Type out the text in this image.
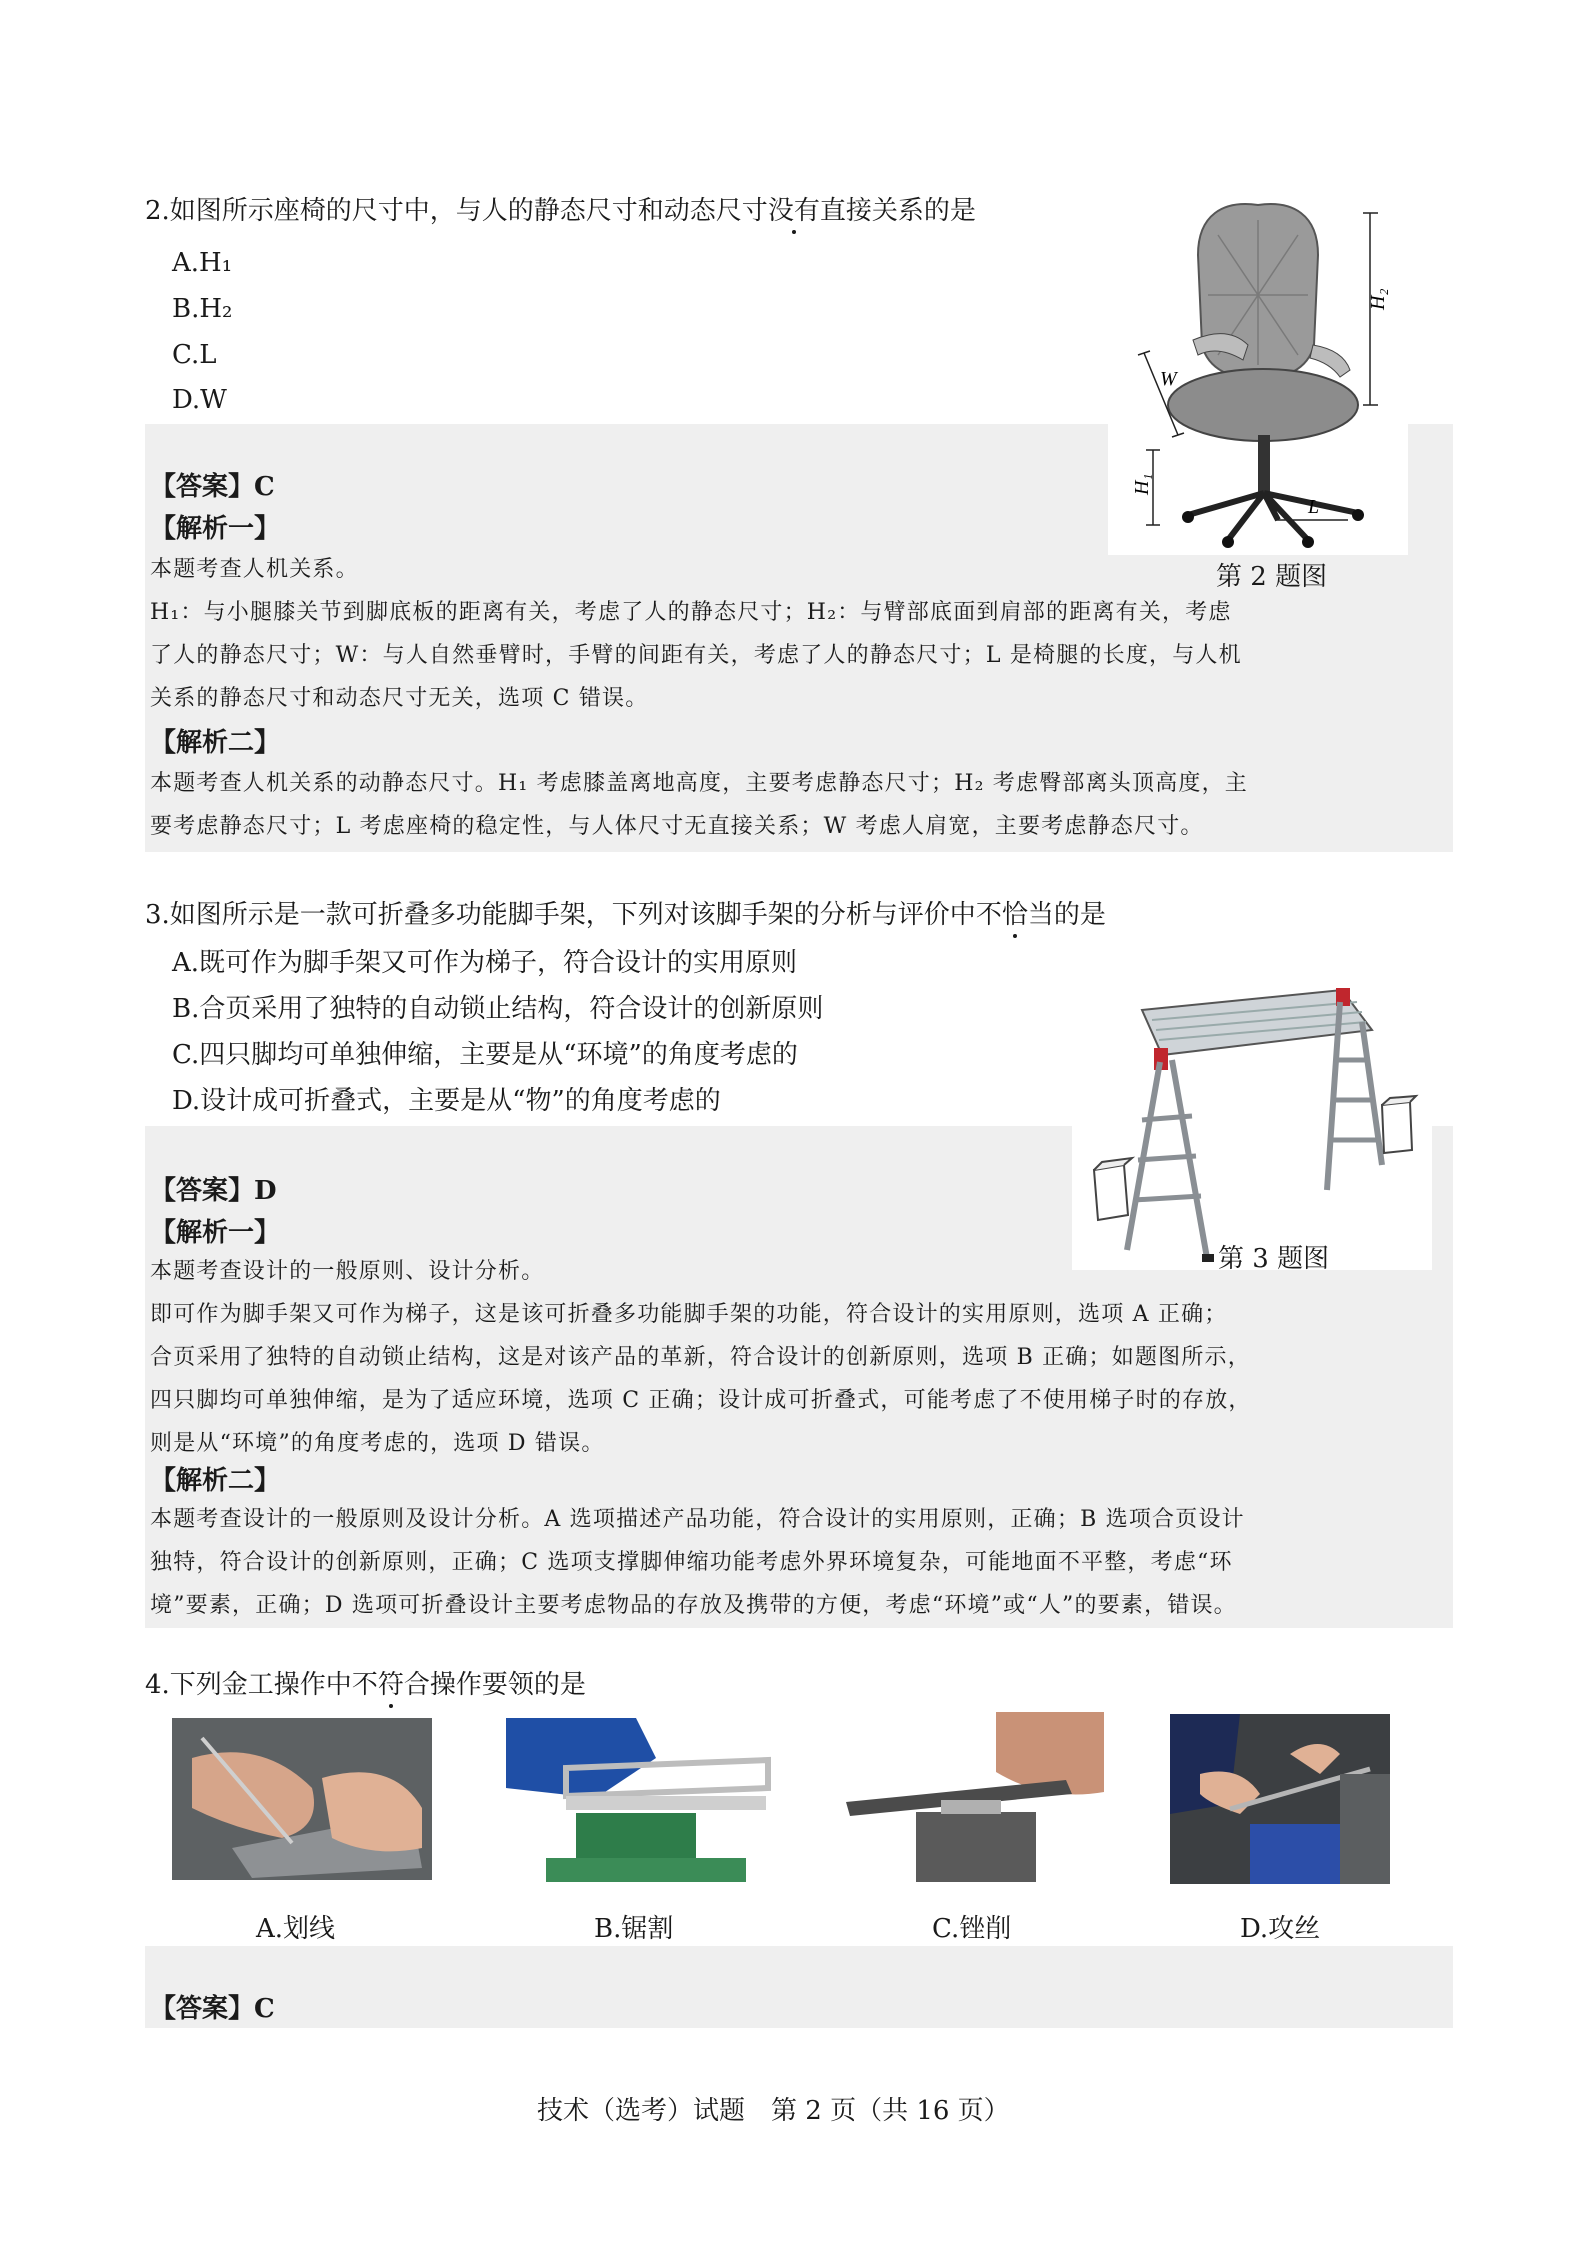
2.如图所示座椅的尺寸中，与人的静态尺寸和动态尺寸没有直接关系的是
A.H₁
B.H₂
C.L
D.W
H₂
W
H₁
L
第 2 题图
【答案】C
【解析一】
本题考查人机关系。
H₁：与小腿膝关节到脚底板的距离有关，考虑了人的静态尺寸；H₂：与臂部底面到肩部的距离有关，考虑
了人的静态尺寸；W：与人自然垂臂时，手臂的间距有关，考虑了人的静态尺寸；L 是椅腿的长度，与人机
关系的静态尺寸和动态尺寸无关，选项 C 错误。
【解析二】
本题考查人机关系的动静态尺寸。H₁ 考虑膝盖离地高度，主要考虑静态尺寸；H₂ 考虑臀部离头顶高度，主
要考虑静态尺寸；L 考虑座椅的稳定性，与人体尺寸无直接关系；W 考虑人肩宽，主要考虑静态尺寸。
3.如图所示是一款可折叠多功能脚手架，下列对该脚手架的分析与评价中不恰当的是
A.既可作为脚手架又可作为梯子，符合设计的实用原则
B.合页采用了独特的自动锁止结构，符合设计的创新原则
C.四只脚均可单独伸缩，主要是从“环境”的角度考虑的
D.设计成可折叠式，主要是从“物”的角度考虑的
第 3 题图
【答案】D
【解析一】
本题考查设计的一般原则、设计分析。
即可作为脚手架又可作为梯子，这是该可折叠多功能脚手架的功能，符合设计的实用原则，选项 A 正确；
合页采用了独特的自动锁止结构，这是对该产品的革新，符合设计的创新原则，选项 B 正确；如题图所示，
四只脚均可单独伸缩，是为了适应环境，选项 C 正确；设计成可折叠式，可能考虑了不使用梯子时的存放，
则是从“环境”的角度考虑的，选项 D 错误。
【解析二】
本题考查设计的一般原则及设计分析。A 选项描述产品功能，符合设计的实用原则，正确；B 选项合页设计
独特，符合设计的创新原则，正确；C 选项支撑脚伸缩功能考虑外界环境复杂，可能地面不平整，考虑“环
境”要素，正确；D 选项可折叠设计主要考虑物品的存放及携带的方便，考虑“环境”或“人”的要素，错误。
4.下列金工操作中不符合操作要领的是
A.划线	B.锯割	C.锉削	D.攻丝
【答案】C
技术（选考）试题　第 2 页（共 16 页）
